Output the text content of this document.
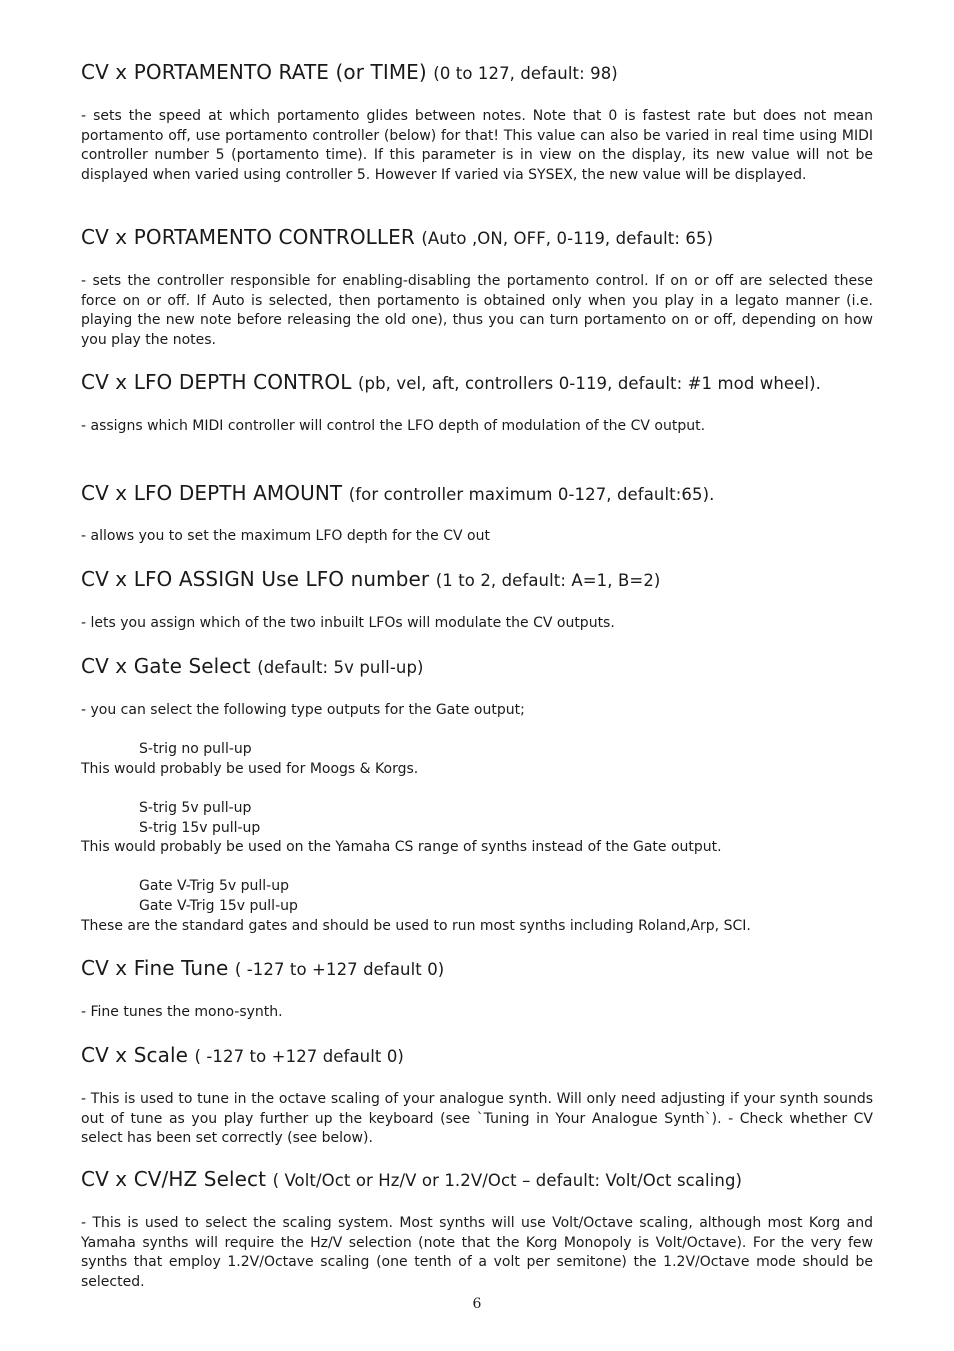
CV x PORTAMENTO RATE (or TIME) (0 to 127, default: 98)

- sets the speed at which portamento glides between notes. Note that 0 is fastest rate but does not mean portamento off, use portamento controller (below) for that! This value can also be varied in real time using MIDI controller number 5 (portamento time). If this parameter is in view on the display, its new value will not be displayed when varied using controller 5. However If varied via SYSEX, the new value will be displayed.

CV x PORTAMENTO CONTROLLER (Auto ,ON, OFF, 0-119, default: 65)

- sets the controller responsible for enabling-disabling the portamento control. If on or off are selected these force on or off. If Auto is selected, then portamento is obtained only when you play in a legato manner (i.e. playing the new note before releasing the old one), thus you can turn portamento on or off, depending on how you play the notes.

CV x LFO DEPTH CONTROL (pb, vel, aft, controllers 0-119, default: #1 mod wheel).

- assigns which MIDI controller will control the LFO depth of modulation of the CV output.

CV x LFO DEPTH AMOUNT (for controller maximum 0-127, default:65).

- allows you to set the maximum LFO depth for the CV out

CV x LFO ASSIGN Use LFO number (1 to 2, default: A=1, B=2)

- lets you assign which of the two inbuilt LFOs will modulate the CV outputs.

CV x Gate Select (default: 5v pull-up)

- you can select the following type outputs for the Gate output;

S-trig no pull-up

This would probably be used for Moogs & Korgs.

S-trig 5v pull-up

S-trig 15v pull-up

This would probably be used on the Yamaha CS range of synths instead of the Gate output.

Gate V-Trig 5v pull-up

Gate V-Trig 15v pull-up

These are the standard gates and should be used to run most synths including Roland,Arp, SCI.

CV x Fine Tune ( -127 to +127 default 0)

- Fine tunes the mono-synth.

CV x Scale ( -127 to +127 default 0)

- This is used to tune in the octave scaling of your analogue synth. Will only need adjusting if your synth sounds out of tune as you play further up the keyboard (see `Tuning in Your Analogue Synth`). - Check whether CV select has been set correctly (see below).

CV x CV/HZ Select ( Volt/Oct or Hz/V or 1.2V/Oct – default: Volt/Oct scaling)

- This is used to select the scaling system. Most synths will use Volt/Octave scaling, although most Korg and Yamaha synths will require the Hz/V selection (note that the Korg Monopoly is Volt/Octave). For the very few synths that employ 1.2V/Octave scaling (one tenth of a volt per semitone) the 1.2V/Octave mode should be selected.

6
